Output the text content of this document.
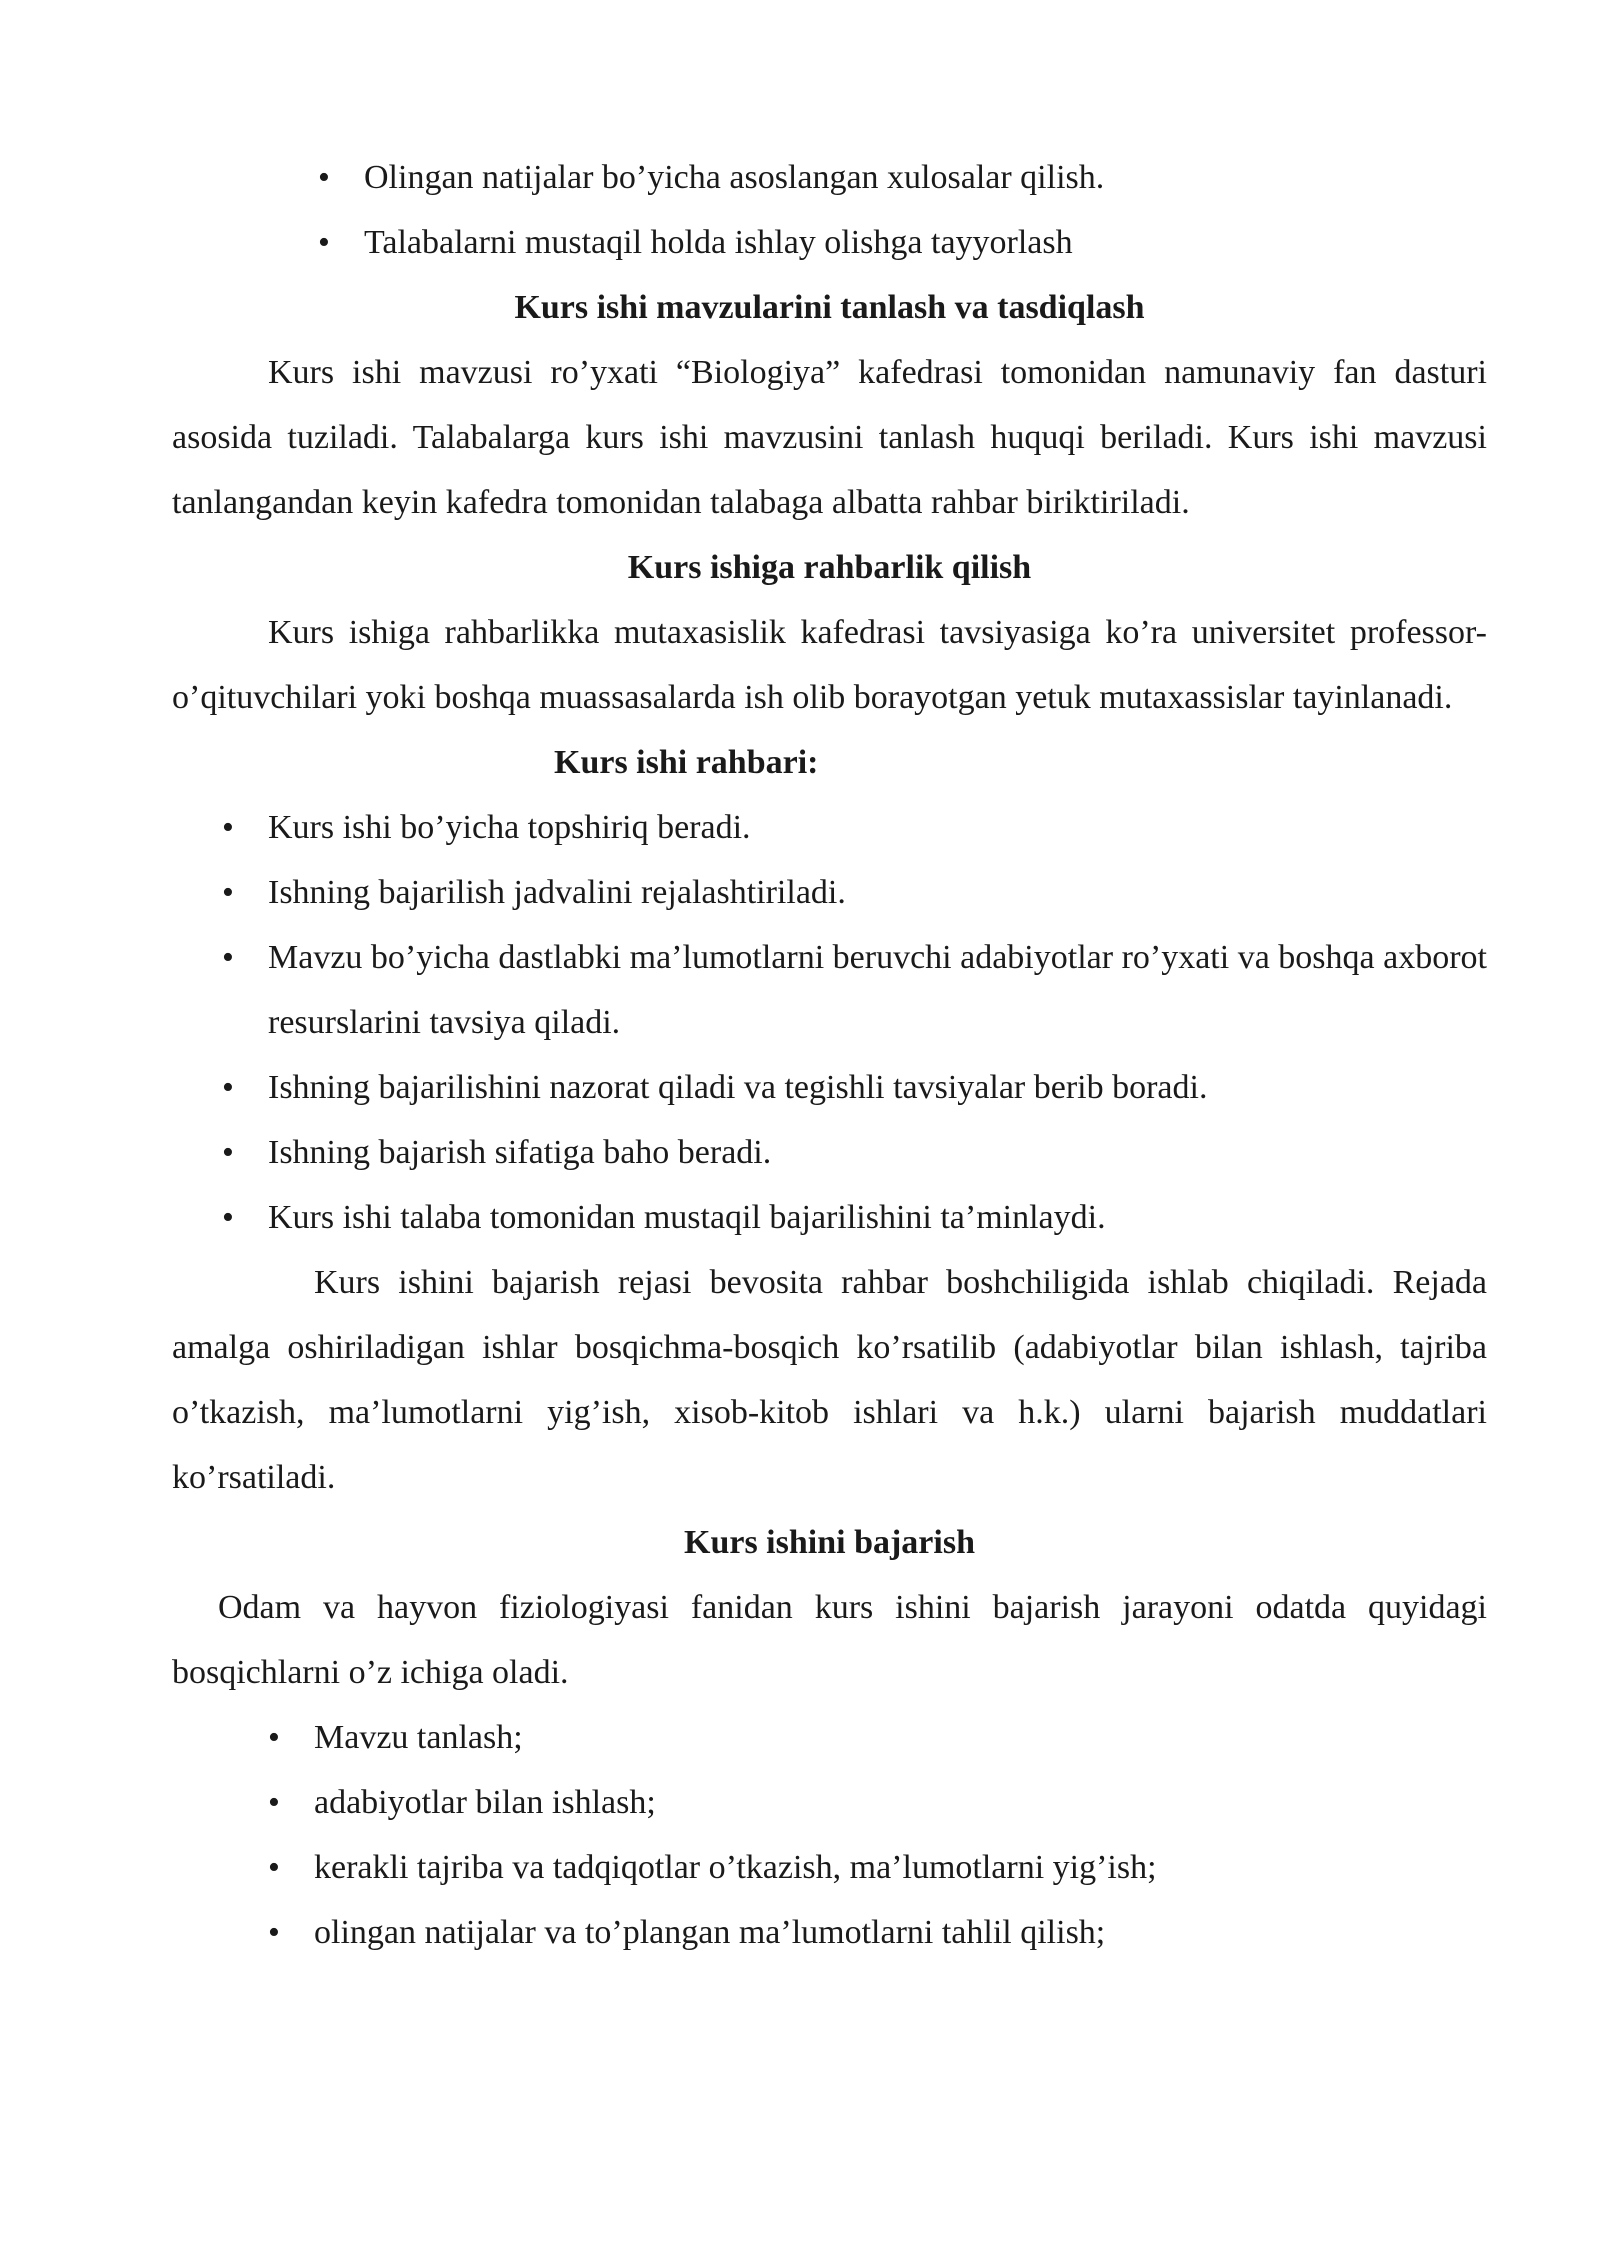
• Olingan natijalar bo’yicha asoslangan xulosalar qilish.
• Talabalarni mustaqil holda ishlay olishga tayyorlash
Kurs ishi mavzularini tanlash va tasdiqlash

Kurs ishi mavzusi ro’yxati “Biologiya” kafedrasi tomonidan namunaviy fan dasturi asosida tuziladi. Talabalarga kurs ishi mavzusini tanlash huquqi beriladi. Kurs ishi mavzusi tanlangandan keyin kafedra tomonidan talabaga albatta rahbar biriktiriladi.

Kurs ishiga rahbarlik qilish

Kurs ishiga rahbarlikka mutaxasislik kafedrasi tavsiyasiga ko’ra universitet professor-o’qituvchilari yoki boshqa muassasalarda ish olib borayotgan yetuk mutaxassislar tayinlanadi.

Kurs ishi rahbari:
• Kurs ishi bo’yicha topshiriq beradi.
• Ishning bajarilish jadvalini rejalashtiriladi.
• Mavzu bo’yicha dastlabki ma’lumotlarni beruvchi adabiyotlar ro’yxati va boshqa axborot resurslarini tavsiya qiladi.
• Ishning bajarilishini nazorat qiladi va tegishli tavsiyalar berib boradi.
• Ishning bajarish sifatiga baho beradi.
• Kurs ishi talaba tomonidan mustaqil bajarilishini ta’minlaydi.

Kurs ishini bajarish rejasi bevosita rahbar boshchiligida ishlab chiqiladi. Rejada amalga oshiriladigan ishlar bosqichma-bosqich ko’rsatilib (adabiyotlar bilan ishlash, tajriba o’tkazish, ma’lumotlarni yig’ish, xisob-kitob ishlari va h.k.) ularni bajarish muddatlari ko’rsatiladi.

Kurs ishini bajarish

Odam va hayvon fiziologiyasi fanidan kurs ishini bajarish jarayoni odatda quyidagi bosqichlarni o’z ichiga oladi.

• Mavzu tanlash;
• adabiyotlar bilan ishlash;
• kerakli tajriba va tadqiqotlar o’tkazish, ma’lumotlarni yig’ish;
• olingan natijalar va to’plangan ma’lumotlarni tahlil qilish;
